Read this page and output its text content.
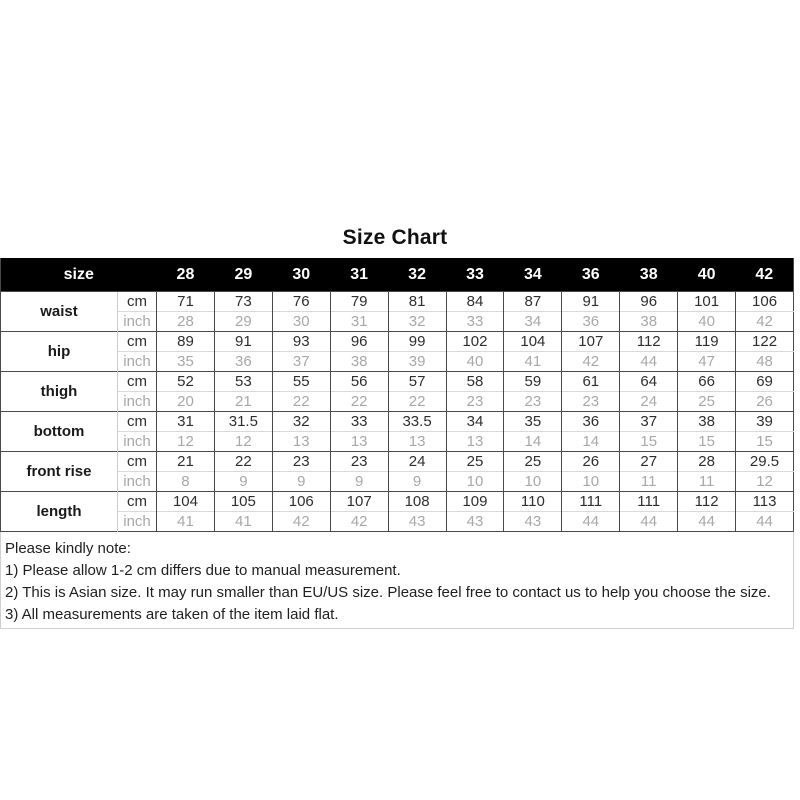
Size Chart
size		28	29	30	31	32	33	34	36	38	40	42
waist	cm	71	73	76	79	81	84	87	91	96	101	106
	inch	28	29	30	31	32	33	34	36	38	40	42
hip	cm	89	91	93	96	99	102	104	107	112	119	122
	inch	35	36	37	38	39	40	41	42	44	47	48
thigh	cm	52	53	55	56	57	58	59	61	64	66	69
	inch	20	21	22	22	22	23	23	23	24	25	26
bottom	cm	31	31.5	32	33	33.5	34	35	36	37	38	39
	inch	12	12	13	13	13	13	14	14	15	15	15
front rise	cm	21	22	23	23	24	25	25	26	27	28	29.5
	inch	8	9	9	9	9	10	10	10	11	11	12
length	cm	104	105	106	107	108	109	110	111	111	112	113
	inch	41	41	42	42	43	43	43	44	44	44	44
Please kindly note:
1) Please allow 1-2 cm differs due to manual measurement.
2) This is Asian size. It may run smaller than EU/US size. Please feel free to contact us to help you choose the size.
3) All measurements are taken of the item laid flat.
